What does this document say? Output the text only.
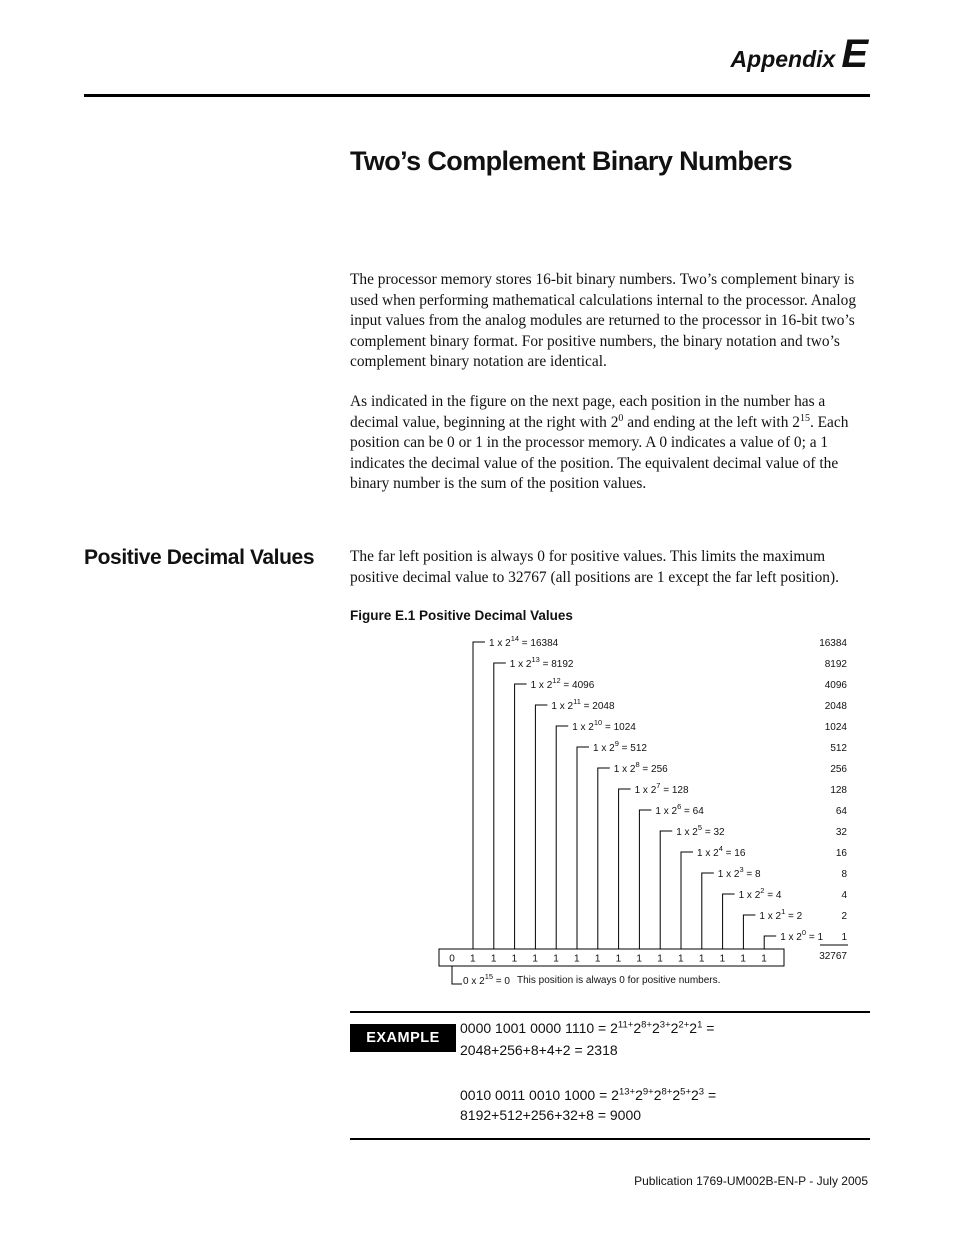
Appendix E
Two’s Complement Binary Numbers

The processor memory stores 16-bit binary numbers. Two’s complement binary is used when performing mathematical calculations internal to the processor. Analog input values from the analog modules are returned to the processor in 16-bit two’s complement binary format. For positive numbers, the binary notation and two’s complement binary notation are identical.

As indicated in the figure on the next page, each position in the number has a decimal value, beginning at the right with $2^0$ and ending at the left with $2^{15}$. Each position can be 0 or 1 in the processor memory. A 0 indicates a value of 0; a 1 indicates the decimal value of the position. The equivalent decimal value of the binary number is the sum of the position values.

Positive Decimal Values The far left position is always 0 for positive values. This limits the maximum positive decimal value to 32767 (all positions are 1 except the far left position).

Figure E.1 Positive Decimal Values

0 1 1 1 1 1 1 1 1 1 1 1 1 1 1 1
1 x $2^{14} = 16384$	16384
1 x $2^{13} = 8192$	8192
1 x $2^{12} = 4096$	4096
1 x $2^{11} = 2048$	2048
1 x $2^{10} = 1024$	1024
1 x $2^9 = 512$	512
1 x $2^8 = 256$	256
1 x $2^7 = 128$	128
1 x $2^6 = 64$	64
1 x $2^5 = 32$	32
1 x $2^4 = 16$	16
1 x $2^3 = 8$	8
1 x $2^2 = 4$	4
1 x $2^1 = 2$	2
1 x $2^0 = 1$ 1
32767
0 x $2^{15} = 0$ This position is always 0 for positive numbers.
EXAMPLE

0000 1001 0000 $1110 = 2^{11+}2^{8+}2^{3+}2^{2+}2^1$ =

2048+256+8+4+2 = 2318

0010 0011 0010 $1000 = 2^{13+}2^{9+}2^{8+}2^{5+}2^3$ =

8192+512+256+32+8 = 9000

Publication 1769-UM002B-EN-P - July 2005
